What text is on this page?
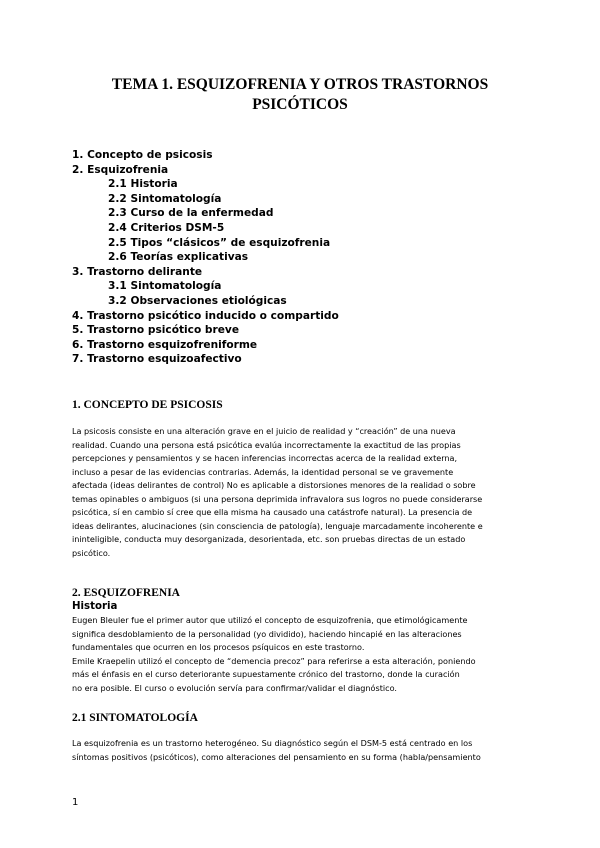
TEMA 1. ESQUIZOFRENIA Y OTROS TRASTORNOS
PSICÓTICOS
1. Concepto de psicosis
2. Esquizofrenia
2.1 Historia
2.2 Sintomatología
2.3 Curso de la enfermedad
2.4 Criterios DSM-5
2.5 Tipos “clásicos” de esquizofrenia
2.6 Teorías explicativas
3. Trastorno delirante
3.1 Sintomatología
3.2 Observaciones etiológicas
4. Trastorno psicótico inducido o compartido
5. Trastorno psicótico breve
6. Trastorno esquizofreniforme
7. Trastorno esquizoafectivo
1. CONCEPTO DE PSICOSIS
La psicosis consiste en una alteración grave en el juicio de realidad y “creación” de una nueva
realidad. Cuando una persona está psicótica evalúa incorrectamente la exactitud de las propias
percepciones y pensamientos y se hacen inferencias incorrectas acerca de la realidad externa,
incluso a pesar de las evidencias contrarias. Además, la identidad personal se ve gravemente
afectada (ideas delirantes de control) No es aplicable a distorsiones menores de la realidad o sobre
temas opinables o ambiguos (si una persona deprimida infravalora sus logros no puede considerarse
psicótica, sí en cambio sí cree que ella misma ha causado una catástrofe natural). La presencia de
ideas delirantes, alucinaciones (sin consciencia de patología), lenguaje marcadamente incoherente e
ininteligible, conducta muy desorganizada, desorientada, etc. son pruebas directas de un estado
psicótico.
2. ESQUIZOFRENIA
Historia
Eugen Bleuler fue el primer autor que utilizó el concepto de esquizofrenia, que etimológicamente
significa desdoblamiento de la personalidad (yo dividido), haciendo hincapié en las alteraciones
fundamentales que ocurren en los procesos psíquicos en este trastorno.
Emile Kraepelin utilizó el concepto de “demencia precoz” para referirse a esta alteración, poniendo
más el énfasis en el curso deteriorante supuestamente crónico del trastorno, donde la curación
no era posible. El curso o evolución servía para confirmar/validar el diagnóstico.
2.1 SINTOMATOLOGÍA
La esquizofrenia es un trastorno heterogéneo. Su diagnóstico según el DSM-5 está centrado en los
síntomas positivos (psicóticos), como alteraciones del pensamiento en su forma (habla/pensamiento
1
